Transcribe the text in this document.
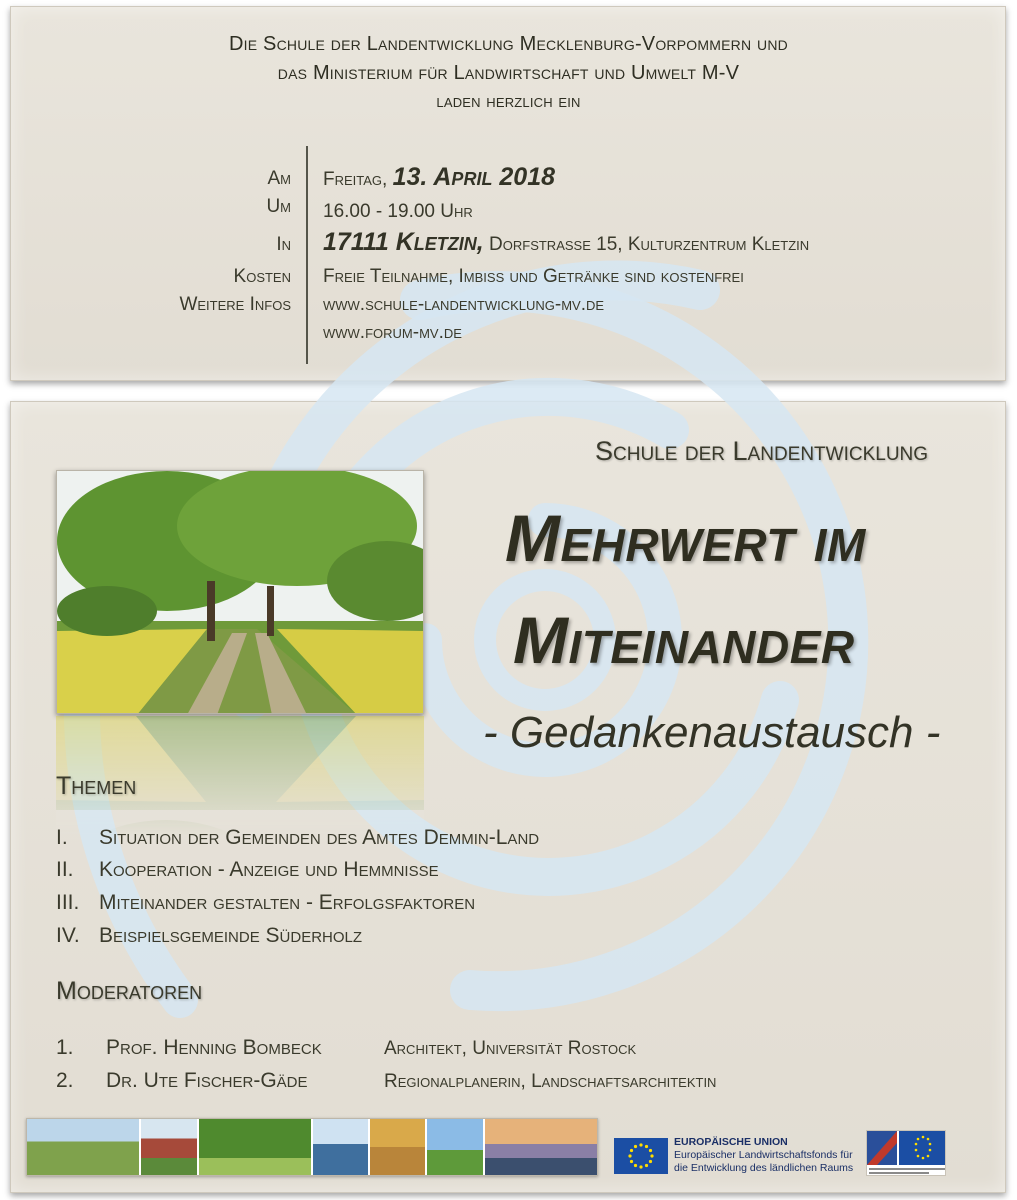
Die Schule der Landentwicklung Mecklenburg-Vorpommern und
das Ministerium für Landwirtschaft und Umwelt M-V
laden herzlich ein
Am Freitag, 13. April 2018
Um 16.00 - 19.00 Uhr
In 17111 Kletzin, Dorfstraße 15, Kulturzentrum Kletzin
Kosten Freie Teilnahme, Imbiss und Getränke sind kostenfrei
Weitere Infos www.schule-landentwicklung-mv.de
www.forum-mv.de
Schule der Landentwicklung
Mehrwert im
Miteinander
- Gedankenaustausch -
Themen
I. Situation der Gemeinden des Amtes Demmin-Land
II. Kooperation - Anzeige und Hemmnisse
III. Miteinander gestalten - Erfolgsfaktoren
IV. Beispielsgemeinde Süderholz
Moderatoren
1. Prof. Henning Bombeck	Architekt, Universität Rostock
2. Dr. Ute Fischer-Gäde	Regionalplanerin, Landschaftsarchitektin
EUROPÄISCHE UNION
Europäischer Landwirtschaftsfonds für
die Entwicklung des ländlichen Raums
